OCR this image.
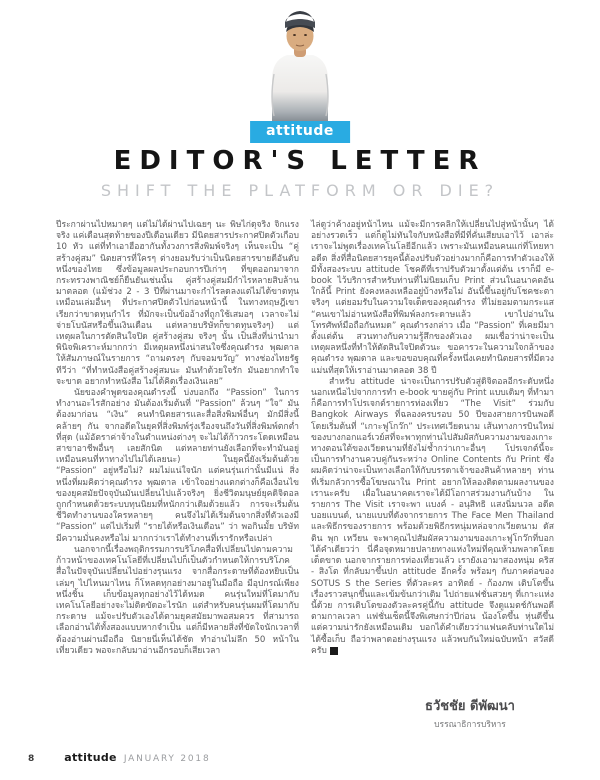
attitude
EDITOR'S LETTER
SHIFT THE PLATFORM OR DIE?

ปีระกาผ่านไปหมาดๆ แต่ไม่ได้ผ่านไปเฉยๆ นะ พิษไก่ดุจริง จิกแรงจริง แค่เดือนสุดท้ายของปีเดือนเดียว มีนิตยสารประกาศปิดตัวเกือบ 10 หัว แต่ที่ทำเอาฮือฮากันทั้งวงการสิ่งพิมพ์จริงๆ เห็นจะเป็น “คู่สร้างคู่สม” นิตยสารที่ใครๆ ต่างยอมรับว่าเป็นนิตยสารขายดีอันดับหนึ่งของไทย ซึ่งข้อมูลผลประกอบการปีเก่าๆ ที่ขุดออกมาจากกระทรวงพาณิชย์ก็ยืนยันเช่นนั้น คู่สร้างคู่สมมีกำไรหลายสิบล้านมาตลอด (แม้ช่วง 2 - 3 ปีที่ผ่านมาจะกำไรลดลงแต่ไม่ได้ขาดทุน เหมือนเล่มอื่นๆ ที่ประกาศปิดตัวไปก่อนหน้านี้ ในทางทฤษฎีเขาเรียกว่าขาดทุนกำไร ที่มักจะเป็นข้ออ้างที่ถูกใช้เสมอๆ เวลาจะไม่จ่ายโบนัสหรือขึ้นเงินเดือน แต่หลายบริษัทก็ขาดทุนจริงๆ) แต่เหตุผลในการตัดสินใจปิด คู่สร้างคู่สม จริงๆ นั้น เป็นสิ่งที่น่านำมาพินิจพิเคราะห์มากกว่า มีเหตุผลหนึ่งน่าสนใจซึ่งคุณดำรง พุฒตาล ให้สัมภาษณ์ในรายการ “ถามตรงๆ กับจอมขวัญ” ทางช่องไทยรัฐทีวีว่า “ที่ทำหนังสือคู่สร้างคู่สมนะ มันทำด้วยใจรัก มันอยากทำใจจะขาด อยากทำหนังสือ ไม่ได้คิดเรื่องเงินเลย”

นัยของคำพูดของคุณดำรงนี้ บ่งบอกถึง “Passion” ในการทำงานอะไรสักอย่าง มันต้องเริ่มต้นที่ “Passion” ล้วนๆ “ใจ” มันต้องมาก่อน “เงิน” คนทำนิตยสารและสื่อสิ่งพิมพ์อื่นๆ มักมีสิ่งนี้คล้ายๆ กัน จากอดีตในยุคที่สิ่งพิมพ์รุ่งเรืองจนถึงวันที่สิ่งพิมพ์ตกต่ำที่สุด (แม้อัตราค่าจ้างในตำแหน่งต่างๆ จะไม่ได้ก้าวกระโดดเหมือนสาขาอาชีพอื่นๆ เลยสักนิด แต่หลายท่านยังเลือกที่จะทำมันอยู่ เหมือนคนที่หาทางไปไม่ได้เลยนะ) ในยุคนี้ยังเริ่มต้นด้วย “Passion” อยู่หรือไม่? ผมไม่แน่ใจนัก แต่คนรุ่นเก่านั้นมีแน่ สิ่งหนึ่งที่ผมคิดว่าคุณดำรง พุฒตาล เข้าใจอย่างแตกต่างก็คือเงื่อนไขของยุคสมัยปัจจุบันมันเปลี่ยนไปแล้วจริงๆ ยิ่งชีวิตมนุษย์ยุคดิจิตอลถูกกำหนดด้วยระบบทุนนิยมที่หนักกว่าเดิมด้วยแล้ว การจะเริ่มต้นชีวิตทำงานของใครหลายๆ คนจึงไม่ได้เริ่มต้นจากสิ่งที่ตัวเองมี “Passion” แต่ไปเริ่มที่ “รายได้หรือเงินเดือน” ว่า พอกินมั้ย บริษัทมีความมั่นคงหรือไม่ มากกว่าเราได้ทำงานที่เรารักหรือเปล่า

นอกจากนี้เรื่องพฤติกรรมการบริโภคสื่อที่เปลี่ยนไปตามความก้าวหน้าของเทคโนโลยีที่เปลี่ยนไปก็เป็นตัวกำหนดให้การบริโภคสื่อในปัจจุบันเปลี่ยนไปอย่างรุนแรง จากสื่อกระดาษที่ต้องหยิบเป็นเล่มๆ ไปไหนมาไหน ก็โหลดทุกอย่างมาอยู่ในมือถือ มีอุปกรณ์เพียงหนึ่งชิ้น เก็บข้อมูลทุกอย่างไว้ได้หมด คนรุ่นใหม่ที่โตมากับเทคโนโลยีอย่างจะไม่ติดขัดอะไรนัก แต่สำหรับคนรุ่นผมที่โตมากับกระดาษ แม้จะปรับตัวเองได้ตามยุคสมัยมาพอสมควร ที่สามารถเลือกอ่านได้ทั้งสองแบบหากจำเป็น แต่ก็มีหลายสิ่งที่ขัดใจนักเวลาที่ต้องอ่านผ่านมือถือ นิยายนี่เห็นได้ชัด ทำอ่านไม่ลึก 50 หน้าในเที่ยวเดียว พอจะกลับมาอ่านอีกรอบก็เสียเวลา

ไล่ดูว่าค้างอยู่หน้าไหน แม้จะมีการคลิกให้เปลี่ยนไปสู่หน้านั้นๆ ได้อย่างรวดเร็ว แต่ก็ดูไม่ทันใจกับหนังสือที่มีที่คั่นเสียบเอาไว้ เอาล่ะ เราจะไม่พูดเรื่องเทคโนโลยีอีกแล้ว เพราะมันเหมือนคนแก่ที่โหยหาอดีต สิ่งที่สื่อนิตยสารยุคนี้ต้องปรับตัวอย่างมากก็คือการทำตัวเองให้มีทั้งสองระบบ attitude โชคดีที่เราปรับตัวมาตั้งแต่ต้น เราก็มี e-book ไว้บริการสำหรับท่านที่ไม่นิยมเก็บ Print ส่วนในอนาคตอันใกล้นี้ Print ยังคงหลงเหลืออยู่บ้างหรือไม่ อันนี้ขึ้นอยู่กับโชคชะตาจริงๆ แต่ยอมรับในความใจเด็ดของคุณดำรง ที่ไม่ยอมตามกระแส “คนเขาไม่อ่านหนังสือที่พิมพ์ลงกระดาษแล้ว เขาไปอ่านในโทรศัพท์มือถือกันหมด” คุณดำรงกล่าว เมื่อ “Passion” ที่เคยมีมาตั้งแต่ต้น สวนทางกับความรู้สึกของตัวเอง ผมเชื่อว่าน่าจะเป็นเหตุผลหนึ่งที่ทำให้ตัดสินใจปิดตัวนะ ขอคารวะในความใจกล้าของคุณดำรง พุฒตาล และขอขอบคุณที่ครั้งหนึ่งเคยทำนิตยสารที่มีดวงแม่นที่สุดให้เราอ่านมาตลอด 38 ปี

สำหรับ attitude น่าจะเป็นการปรับตัวสู่ดิจิตอลอีกระดับหนึ่ง นอกเหนือไปจากการทำ e-book ขายคู่กับ Print แบบเดิมๆ ที่ทำมา ก็คือการทำโปรเจกต์รายการท่องเที่ยว “The Visit” ร่วมกับ Bangkok Airways ที่ฉลองครบรอบ 50 ปีของสายการบินพอดี โดยเริ่มต้นที่ “เกาะฟูโกว๊ก” ประเทศเวียดนาม เส้นทางการบินใหม่ของบางกอกแอร์เวย์สที่จะพาทุกท่านไปสัมผัสกับความงามของเกาะทางตอนใต้ของเวียดนามที่ยังไม่ช้ำกว่าเกาะอื่นๆ โปรเจกต์นี้จะเป็นการทำงานควบคู่กันระหว่าง Online Contents กับ Print ซึ่งผมคิดว่าน่าจะเป็นทางเลือกให้กับบรรดาเจ้าของสินค้าหลายๆ ท่านที่เริ่มกลัวการซื้อโฆษณาใน Print อยากให้ลองติดตามผลงานของเรานะครับ เผื่อในอนาคตเราจะได้มีโอกาสร่วมงานกันบ้าง ในรายการ The Visit เราจะพา แบงค์ - อนุสิทธิ แสงนิ่มนวล อดีตบอยแบนด์, นายแบบที่ดังจากรายการ The Face Men Thailand และพิธีกรของรายการ พร้อมด้วยพิธีกรหนุ่มหล่อจากเวียดนาม ดัสติน พุก เหวียน จะพาคุณไปสัมผัสความงามของเกาะฟูโกว๊กที่บอกได้คำเดียวว่า นี่คือจุดหมายปลายทางแห่งใหม่ที่คุณห้ามพลาดโดยเด็ดขาด นอกจากรายการท่องเที่ยวแล้ว เรายังเอามาสองหนุ่ม คริส - สิงโต ที่กลับมาขึ้นปก attitude อีกครั้ง พร้อมๆ กับภาคต่อของ SOTUS S the Series ที่ตัวละคร อาทิตย์ - ก้องภพ เติบโตขึ้น เรื่องราวสนุกขึ้นและเข้มข้นกว่าเดิม ไปถ่ายแฟชั่นสวยๆ ที่เกาะแห่งนี้ด้วย การเติบโตของตัวละครคู่นี้กับ attitude จึงดูแมตช์กันพอดีตามกาลเวลา แฟชั่นเซ็ตนี้จึงพิเศษกว่าปีก่อน น้องโตขึ้น หุ่นดีขึ้น แต่ความน่ารักยังเหมือนเดิม บอกได้คำเดียวว่าแฟนคลับท่านใดไม่ได้ซื้อเก็บ ถือว่าพลาดอย่างรุนแรง แล้วพบกันใหม่ฉบับหน้า สวัสดีครับ	a

ธวัชชัย ดีพัฒนา
บรรณาธิการบริหาร
8	attitude JANUARY 2018
